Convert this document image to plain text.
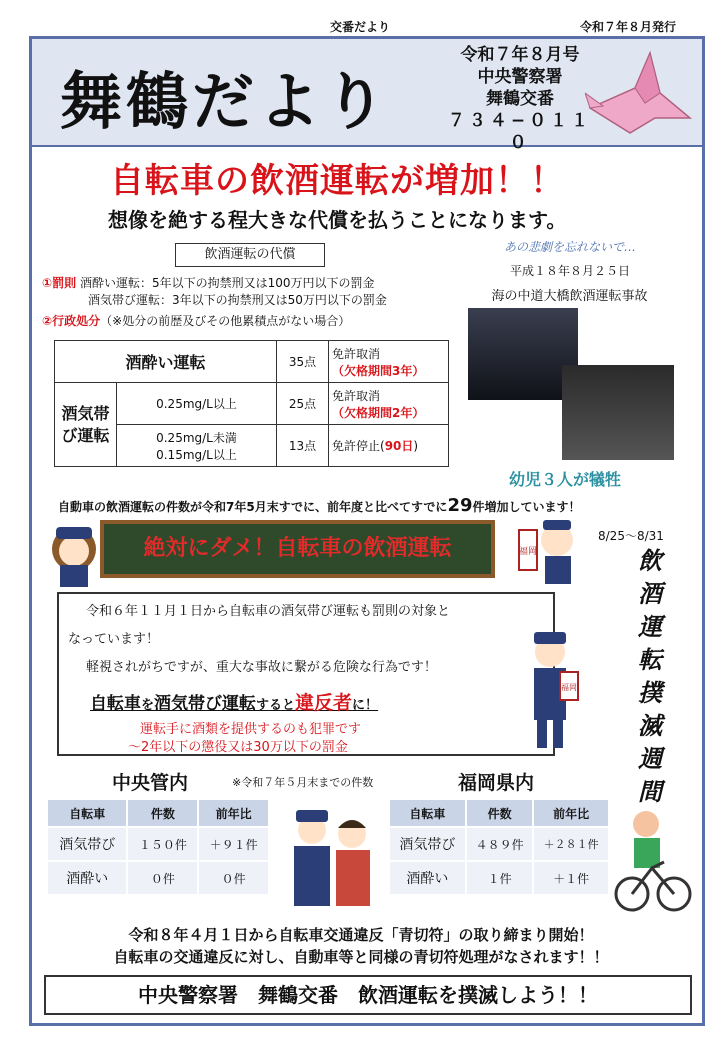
交番だより	令和７年８月発行
舞鶴だより
令和７年８月号
中央警察署
舞鶴交番
７３４−０１１０
自転車の飲酒運転が増加！！
想像を絶する程大きな代償を払うことになります。
飲酒運転の代償
①罰則 酒酔い運転：5年以下の拘禁刑又は100万円以下の罰金
酒気帯び運転：3年以下の拘禁刑又は50万円以下の罰金
②行政処分（※処分の前歴及びその他累積点がない場合）
酒酔い運転		35点	免許取消
（欠格期間3年）

酒気帯び運転	0.25mg/L以上	25点	免許取消
（欠格期間2年）

	0.25mg/L未満
0.15mg/L以上	13点	免許停止(90日)
あの悲劇を忘れないで…
平成１８年８月２５日
海の中道大橋飲酒運転事故
幼児３人が犠牲
自動車の飲酒運転の件数が令和7年5月末すでに、前年度と比べてすでに29件増加しています！
絶対にダメ！自転車の飲酒運転	福岡
8/25～8/31
飲酒運転撲滅週間
令和６年１１月１日から自転車の酒気帯び運転も罰則の対象と
なっています！
軽視されがちですが、重大な事故に繋がる危険な行為です！
自転車を酒気帯び運転すると違反者に！
運転手に酒類を提供するのも犯罪です
～2年以下の懲役又は30万以下の罰金
福岡
中央管内	※令和７年５月末までの件数	福岡県内
自転車	件数	前年比
酒気帯び	１５０件	＋９１件
酒酔い	０件	０件
自転車	件数	前年比
酒気帯び	４８９件	＋２８１件
酒酔い	１件	＋１件
令和８年４月１日から自転車交通違反「青切符」の取り締まり開始！
自転車の交通違反に対し、自動車等と同様の青切符処理がなされます！！
中央警察署　舞鶴交番　飲酒運転を撲滅しよう！！
